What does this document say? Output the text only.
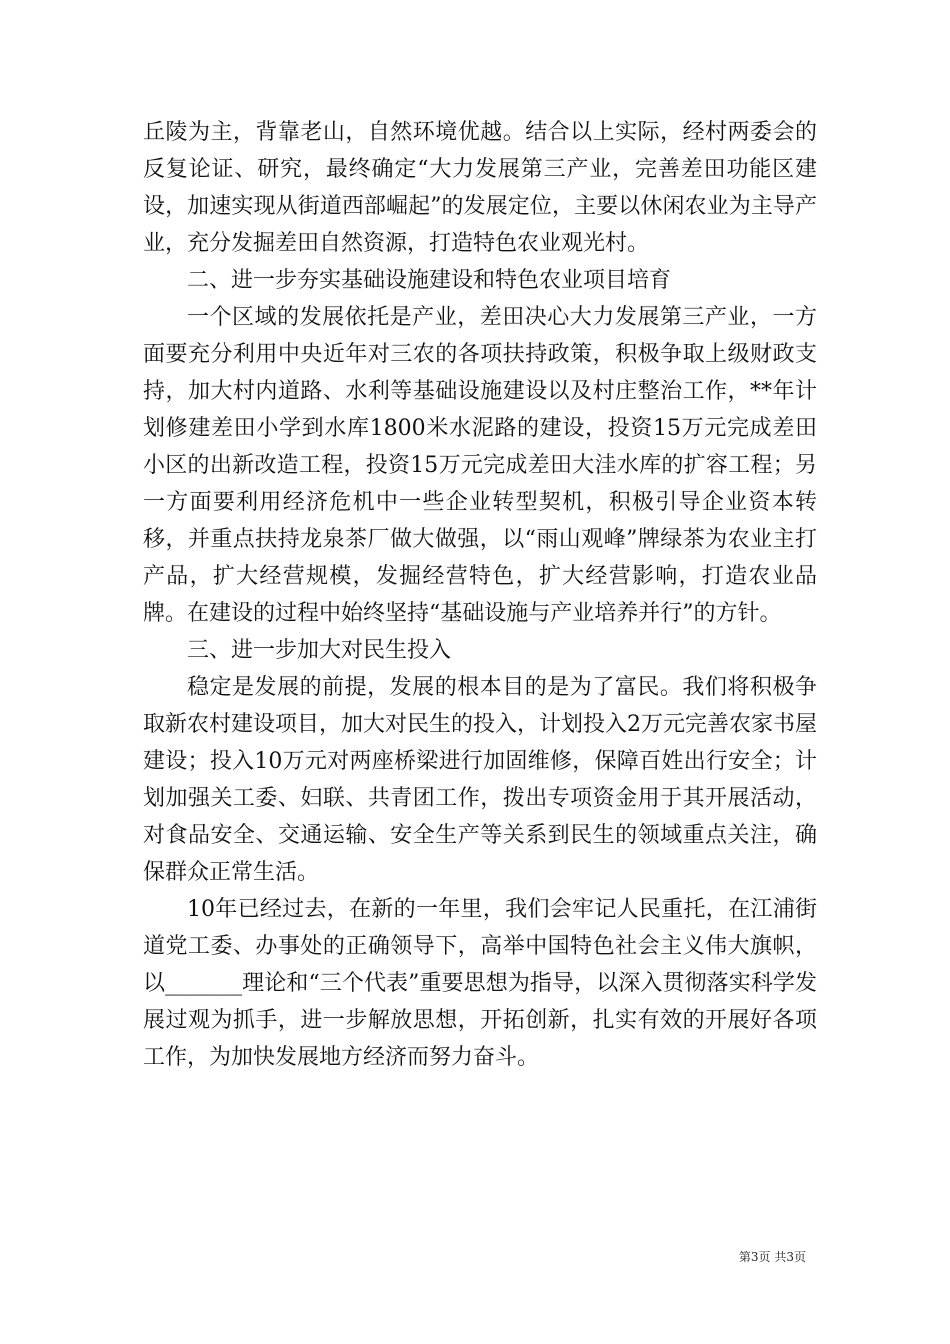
丘陵为主，背靠老山，自然环境优越。结合以上实际，经村两委会的反复论证、研究，最终确定“大力发展第三产业，完善差田功能区建设，加速实现从街道西部崛起”的发展定位，主要以休闲农业为主导产业，充分发掘差田自然资源，打造特色农业观光村。

二、进一步夯实基础设施建设和特色农业项目培育

一个区域的发展依托是产业，差田决心大力发展第三产业，一方面要充分利用中央近年对三农的各项扶持政策，积极争取上级财政支持，加大村内道路、水利等基础设施建设以及村庄整治工作，**年计划修建差田小学到水库1800米水泥路的建设，投资15万元完成差田小区的出新改造工程，投资15万元完成差田大洼水库的扩容工程；另一方面要利用经济危机中一些企业转型契机，积极引导企业资本转移，并重点扶持龙泉茶厂做大做强，以“雨山观峰”牌绿茶为农业主打产品，扩大经营规模，发掘经营特色，扩大经营影响，打造农业品牌。在建设的过程中始终坚持“基础设施与产业培养并行”的方针。

三、进一步加大对民生投入

稳定是发展的前提，发展的根本目的是为了富民。我们将积极争取新农村建设项目，加大对民生的投入，计划投入2万元完善农家书屋建设；投入10万元对两座桥梁进行加固维修，保障百姓出行安全；计划加强关工委、妇联、共青团工作，拨出专项资金用于其开展活动，对食品安全、交通运输、安全生产等关系到民生的领域重点关注，确保群众正常生活。

10年已经过去，在新的一年里，我们会牢记人民重托，在江浦街道党工委、办事处的正确领导下，高举中国特色社会主义伟大旗帜，以_______理论和“三个代表”重要思想为指导，以深入贯彻落实科学发展过观为抓手，进一步解放思想，开拓创新，扎实有效的开展好各项工作，为加快发展地方经济而努力奋斗。

第3页 共3页
